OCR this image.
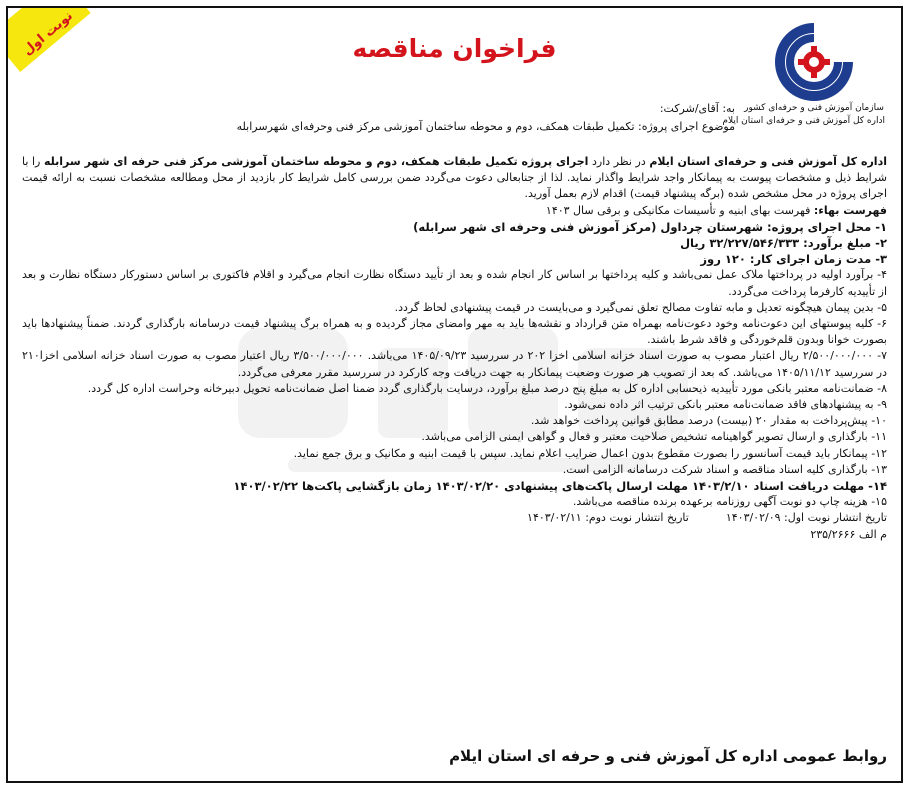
نوبت اول
سازمان آموزش فنی و حرفه‌ای کشور
اداره کل آموزش فنی و حرفه‌ای استان ایلام
فراخوان مناقصه
به: آقای/شرکت:
موضوع اجرای پروژه: تکمیل طبقات همکف، دوم و محوطه ساختمان آموزشی مرکز فنی وحرفه‌ای شهرسرابله

اداره کل آموزش فنی و حرفه‌ای استان ایلام در نظر دارد اجرای پروژه تکمیل طبقات همکف، دوم و محوطه ساختمان آموزشی مرکز فنی حرفه ای شهر سرابله را با شرایط ذیل و مشخصات پیوست به پیمانکار واجد شرایط واگذار نماید. لذا از جنابعالی دعوت می‌گردد ضمن بررسی کامل شرایط کار بازدید از محل ومطالعه مشخصات نسبت به ارائه قیمت اجرای پروژه در محل مشخص شده (برگه پیشنهاد قیمت) اقدام لازم بعمل آورید.

فهرست بهاء: فهرست بهای ابنیه و تأسیسات مکانیکی و برقی سال ۱۴۰۳

۱- محل اجرای پروژه: شهرستان چرداول (مرکز آموزش فنی وحرفه ای شهر سرابله)

۲- مبلغ برآورد: ۳۲/۲۲۷/۵۴۶/۳۳۳ ریال

۳- مدت زمان اجرای کار: ۱۲۰ روز

۴- برآورد اولیه در پرداختها ملاک عمل نمی‌باشد و کلیه پرداختها بر اساس کار انجام شده و بعد از تأیید دستگاه نظارت انجام می‌گیرد و اقلام فاکتوری بر اساس دستورکار دستگاه نظارت و بعد از تأییدیه کارفرما پرداخت می‌گردد.

۵- بدین پیمان هیچگونه تعدیل و مابه تفاوت مصالح تعلق نمی‌گیرد و می‌بایست در قیمت پیشنهادی لحاظ گردد.

۶- کلیه پیوستهای این دعوت‌نامه وخود دعوت‌نامه بهمراه متن قرارداد و نقشه‌ها باید به مهر وامضای مجاز گردیده و به همراه برگ پیشنهاد قیمت درسامانه بارگذاری گردند. ضمناً پیشنهادها باید بصورت خوانا وبدون قلم‌خوردگی و فاقد شرط باشند.

۷- ۲/۵۰۰/۰۰۰/۰۰۰ ریال اعتبار مصوب به صورت اسناد خزانه اسلامی اخزا ۲۰۲ در سررسید ۱۴۰۵/۰۹/۲۳ می‌باشد. ۳/۵۰۰/۰۰۰/۰۰۰ ریال اعتبار مصوب به صورت اسناد خزانه اسلامی اخزا۲۱۰ در سررسید ۱۴۰۵/۱۱/۱۲ می‌باشد. که بعد از تصویب هر صورت وضعیت پیمانکار به جهت دریافت وجه کارکرد در سررسید مقرر معرفی می‌گردد.

۸- ضمانت‌نامه معتبر بانکی مورد تأییدیه ذیحسابی اداره کل به مبلغ پنج درصد مبلغ برآورد، درسایت بارگذاری گردد ضمنا اصل ضمانت‌نامه تحویل دبیرخانه وحراست اداره کل گردد.

۹- به پیشنهادهای فاقد ضمانت‌نامه معتبر بانکی ترتیب اثر داده نمی‌شود.

۱۰- پیش‌پرداخت به مقدار ۲۰ (بیست) درصد مطابق قوانین پرداخت خواهد شد.

۱۱- بارگذاری و ارسال تصویر گواهینامه تشخیص صلاحیت معتبر و فعال و گواهی ایمنی الزامی می‌باشد.

۱۲- پیمانکار باید قیمت آسانسور را بصورت مقطوع بدون اعمال ضرایب اعلام نماید. سپس با قیمت ابنیه و مکانیک و برق جمع نماید.

۱۳- بارگذاری کلیه اسناد مناقصه و اسناد شرکت درسامانه الزامی است.

۱۴- مهلت دریافت اسناد ۱۴۰۳/۲/۱۰ مهلت ارسال پاکت‌های پیشنهادی ۱۴۰۳/۰۲/۲۰ زمان بازگشایی پاکت‌ها ۱۴۰۳/۰۲/۲۲

۱۵- هزینه چاپ دو نوبت آگهی روزنامه برعهده برنده مناقصه می‌باشد.

تاریخ انتشار نوبت اول: ۱۴۰۳/۰۲/۰۹  تاریخ انتشار نوبت دوم: ۱۴۰۳/۰۲/۱۱

م الف ۲۳۵/۲۶۶۶

روابط عمومی اداره کل آموزش فنی و حرفه ای استان ایلام
